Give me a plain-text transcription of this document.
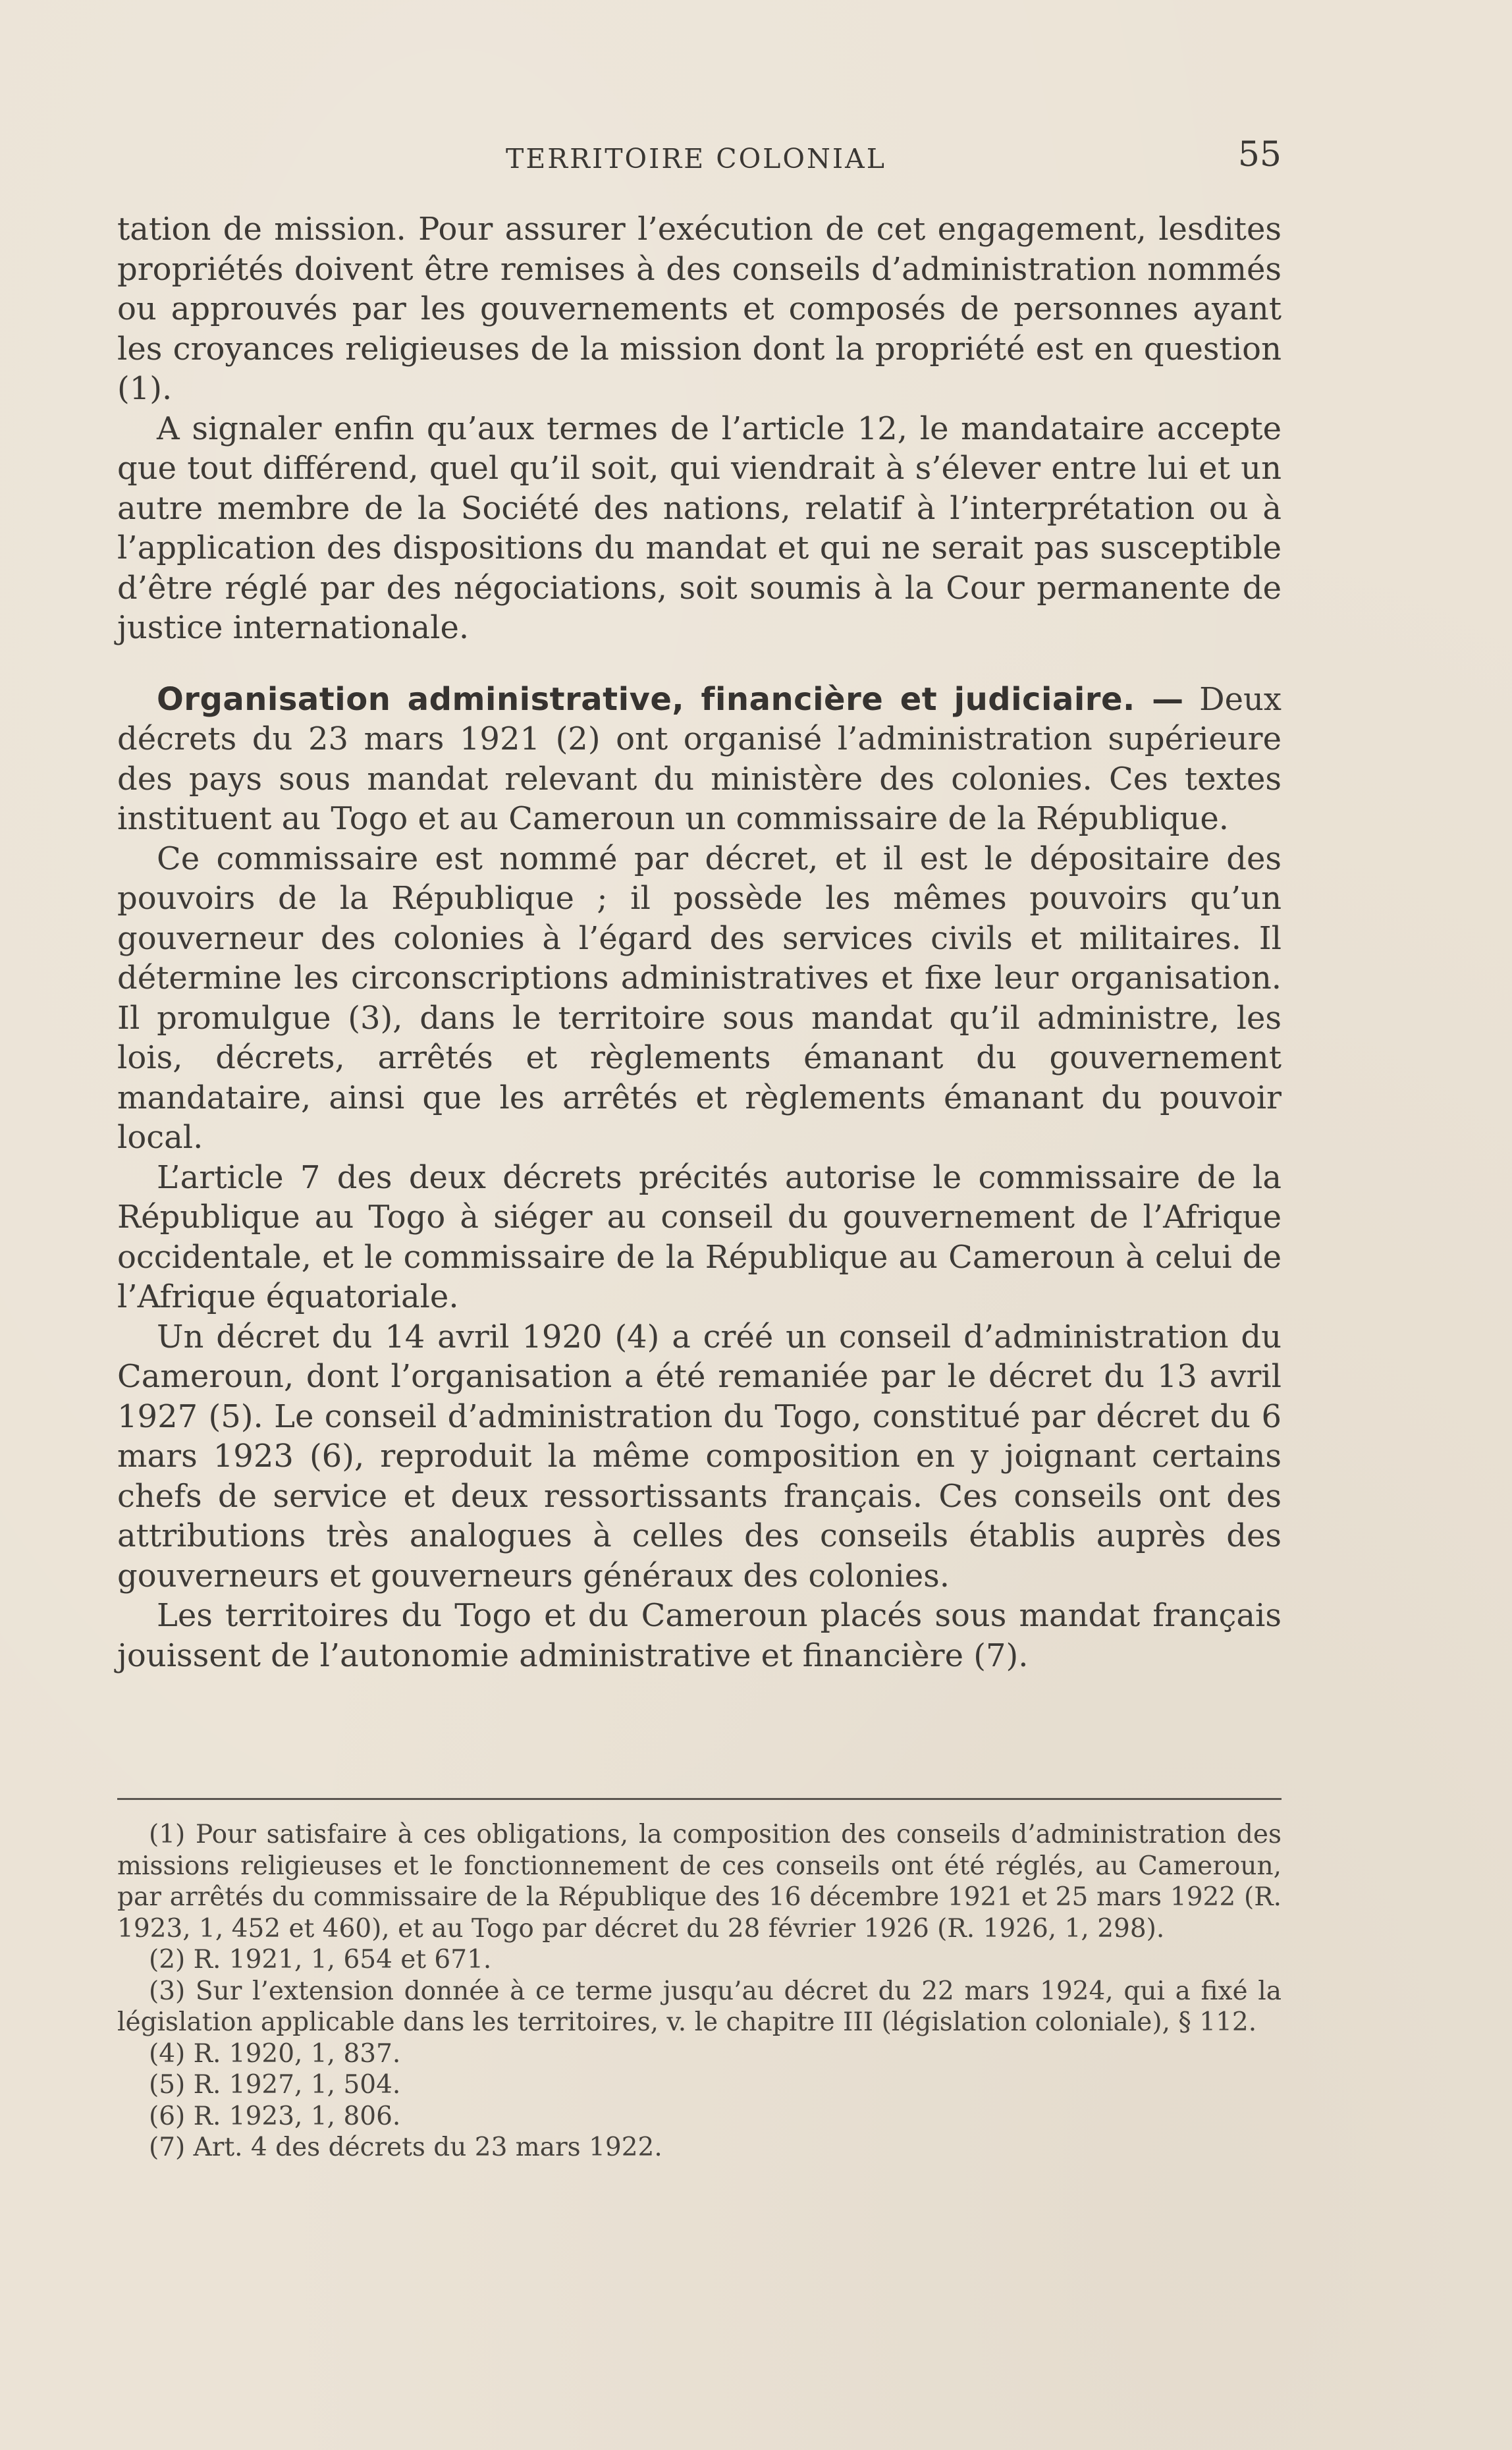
TERRITOIRE COLONIAL	55

tation de mission. Pour assurer l’exécution de cet engagement, lesdites propriétés doivent être remises à des conseils d’administration nommés ou approuvés par les gouvernements et composés de personnes ayant les croyances religieuses de la mission dont la propriété est en question (1).

A signaler enfin qu’aux termes de l’article 12, le mandataire accepte que tout différend, quel qu’il soit, qui viendrait à s’élever entre lui et un autre membre de la Société des nations, relatif à l’interprétation ou à l’application des dispositions du mandat et qui ne serait pas susceptible d’être réglé par des négociations, soit soumis à la Cour permanente de justice internationale.

Organisation administrative, financière et judiciaire. — Deux décrets du 23 mars 1921 (2) ont organisé l’administration supérieure des pays sous mandat relevant du ministère des colonies. Ces textes instituent au Togo et au Cameroun un commissaire de la République.

Ce commissaire est nommé par décret, et il est le dépositaire des pouvoirs de la République ; il possède les mêmes pouvoirs qu’un gouverneur des colonies à l’égard des services civils et militaires. Il détermine les circonscriptions administratives et fixe leur organisation. Il promulgue (3), dans le territoire sous mandat qu’il administre, les lois, décrets, arrêtés et règlements émanant du gouvernement mandataire, ainsi que les arrêtés et règlements émanant du pouvoir local.

L’article 7 des deux décrets précités autorise le commissaire de la République au Togo à siéger au conseil du gouvernement de l’Afrique occidentale, et le commissaire de la République au Cameroun à celui de l’Afrique équatoriale.

Un décret du 14 avril 1920 (4) a créé un conseil d’administration du Cameroun, dont l’organisation a été remaniée par le décret du 13 avril 1927 (5). Le conseil d’administration du Togo, constitué par décret du 6 mars 1923 (6), reproduit la même composition en y joignant certains chefs de service et deux ressortissants français. Ces conseils ont des attributions très analogues à celles des conseils établis auprès des gouverneurs et gouverneurs généraux des colonies.

Les territoires du Togo et du Cameroun placés sous mandat français jouissent de l’autonomie administrative et financière (7).

(1) Pour satisfaire à ces obligations, la composition des conseils d’administration des missions religieuses et le fonctionnement de ces conseils ont été réglés, au Cameroun, par arrêtés du commissaire de la République des 16 décembre 1921 et 25 mars 1922 (R. 1923, 1, 452 et 460), et au Togo par décret du 28 février 1926 (R. 1926, 1, 298).

(2) R. 1921, 1, 654 et 671.

(3) Sur l’extension donnée à ce terme jusqu’au décret du 22 mars 1924, qui a fixé la législation applicable dans les territoires, v. le chapitre III (législation coloniale), § 112.

(4) R. 1920, 1, 837.

(5) R. 1927, 1, 504.

(6) R. 1923, 1, 806.

(7) Art. 4 des décrets du 23 mars 1922.
